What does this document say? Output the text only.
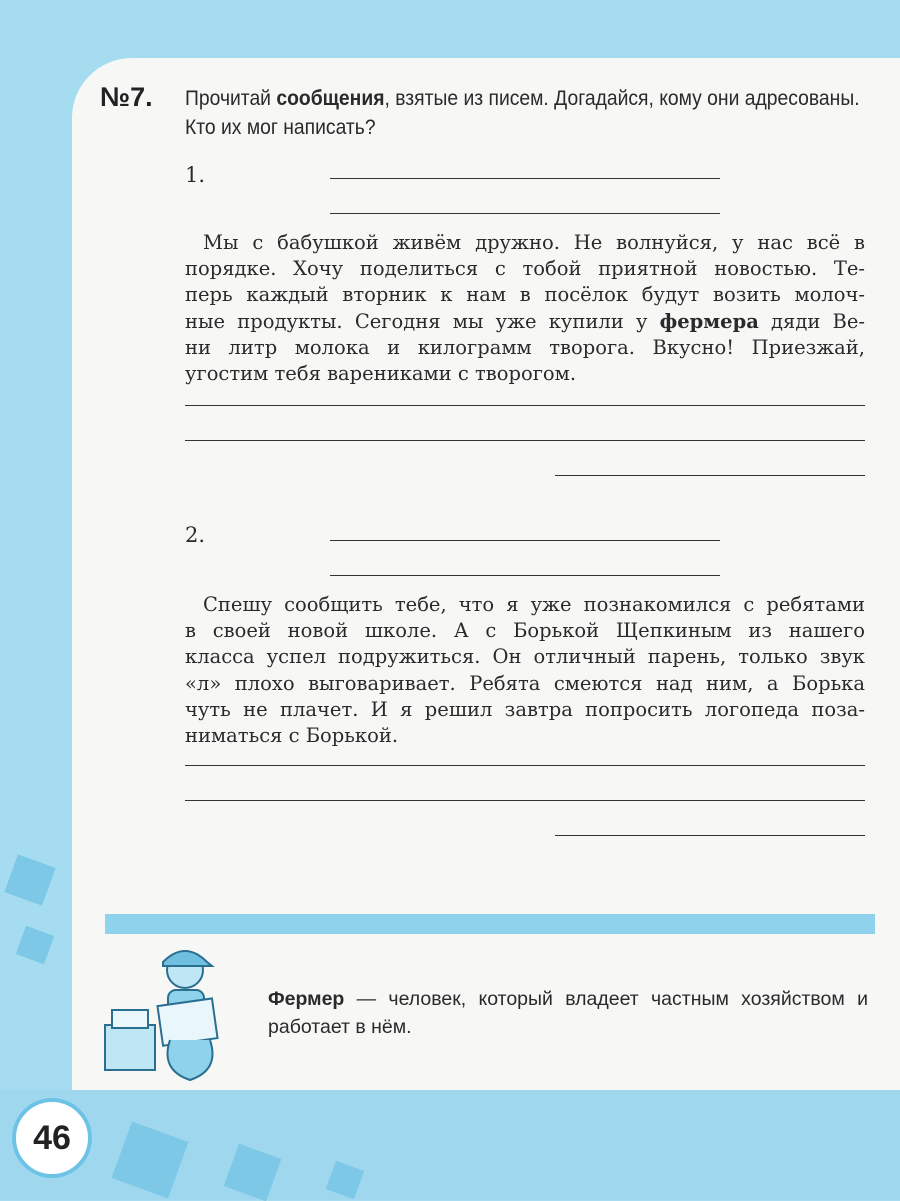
№7. Прочитай сообщения, взятые из писем. Догадайся, кому они адресованы. Кто их мог написать?
1.
Мы с бабушкой живём дружно. Не волнуйся, у нас всё в
порядке. Хочу поделиться с тобой приятной новостью. Те-
перь каждый вторник к нам в посёлок будут возить молоч-
ные продукты. Сегодня мы уже купили у фермера дяди Ве-
ни литр молока и килограмм творога. Вкусно! Приезжай,
угостим тебя варениками с творогом.
2.
Спешу сообщить тебе, что я уже познакомился с ребятами
в своей новой школе. А с Борькой Щепкиным из нашего
класса успел подружиться. Он отличный парень, только звук
«л» плохо выговаривает. Ребята смеются над ним, а Борька
чуть не плачет. И я решил завтра попросить логопеда поза-
ниматься с Борькой.
Фермер — человек, который владеет частным хозяйством и работает в нём.
46
